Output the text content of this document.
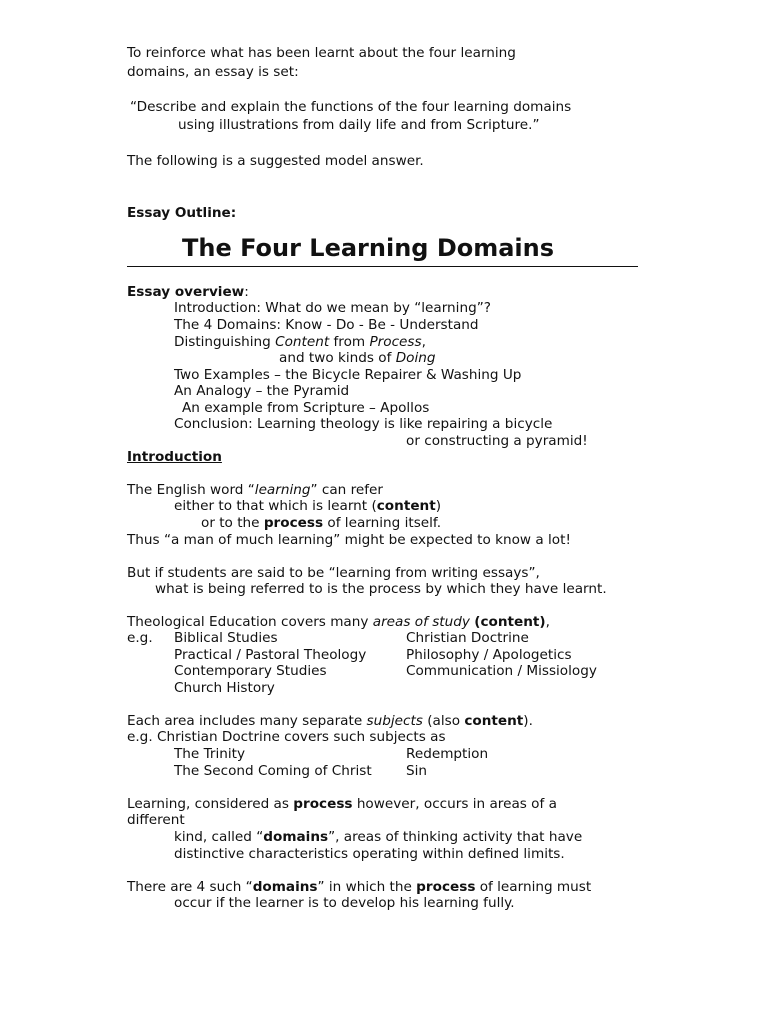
To reinforce what has been learnt about the four learning
domains, an essay is set:
“Describe and explain the functions of the four learning domains
using illustrations from daily life and from Scripture.”
The following is a suggested model answer.
Essay Outline:
The Four Learning Domains
Essay overview:
Introduction: What do we mean by “learning”?
The 4 Domains: Know - Do - Be - Understand
Distinguishing Content from Process,
and two kinds of Doing
Two Examples – the Bicycle Repairer & Washing Up
An Analogy – the Pyramid
An example from Scripture – Apollos
Conclusion: Learning theology is like repairing a bicycle
or constructing a pyramid!
Introduction
The English word “learning” can refer
either to that which is learnt (content)
or to the process of learning itself.
Thus “a man of much learning” might be expected to know a lot!
But if students are said to be “learning from writing essays”,
what is being referred to is the process by which they have learnt.
Theological Education covers many areas of study (content),
e.g. Biblical Studies
Practical / Pastoral Theology
Contemporary Studies
Church History
Christian Doctrine
Philosophy / Apologetics
Communication / Missiology
Each area includes many separate subjects (also content).
e.g. Christian Doctrine covers such subjects as
The Trinity
The Second Coming of Christ
Redemption
Sin
Learning, considered as process however, occurs in areas of a
different
kind, called “domains”, areas of thinking activity that have
distinctive characteristics operating within defined limits.
There are 4 such “domains” in which the process of learning must
occur if the learner is to develop his learning fully.
